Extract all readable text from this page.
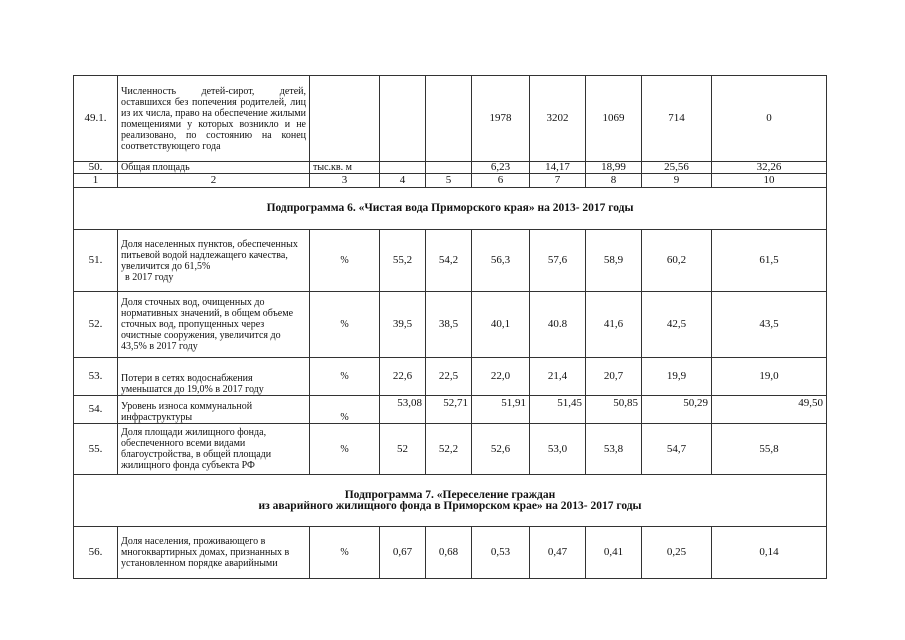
49.1.	Численность детей-сирот, детей, оставшихся без попечения родителей, лиц из их числа, право на обеспечение жилыми помещениями у которых возникло и не реализовано, по состоянию на конец соответствующего года				1978	3202	1069	714	0
50.	Общая площадь	тыс.кв. м			6,23	14,17	18,99	25,56	32,26
1	2	3	4	5	6	7	8	9	10
Подпрограмма 6. «Чистая вода Приморского края» на 2013- 2017 годы									
51.	Доля населенных пунктов, обеспеченных питьевой водой надлежащего качества, увеличится до 61,5%
в 2017 году	%	55,2	54,2	56,3	57,6	58,9	60,2	61,5
52.	Доля сточных вод, очищенных до нормативных значений, в общем объеме сточных вод, пропущенных через очистные сооружения, увеличится до 43,5% в 2017 году	%	39,5	38,5	40,1	40.8	41,6	42,5	43,5
53.	Потери в сетях водоснабжения уменьшатся до 19,0% в 2017 году	%	22,6	22,5	22,0	21,4	20,7	19,9	19,0
54.	Уровень износа коммунальной инфраструктуры	%	53,08	52,71	51,91	51,45	50,85	50,29	49,50
55.	Доля площади жилищного фонда, обеспеченного всеми видами благоустройства, в общей площади жилищного фонда субъекта РФ	%	52	52,2	52,6	53,0	53,8	54,7	55,8

Подпрограмма 7. «Переселение граждан
из аварийного жилищного фонда в Приморском крае» на 2013- 2017 годы									

56.	Доля населения, проживающего в многоквартирных домах, признанных в установленном порядке аварийными	%	0,67	0,68	0,53	0,47	0,41	0,25	0,14
